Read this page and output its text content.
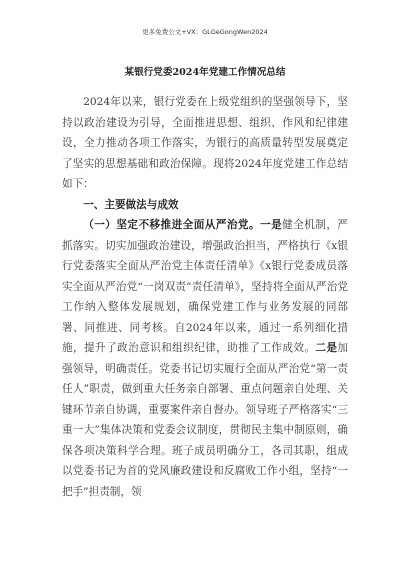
更多免费公文+VX：GLGeGongWen2024
某银行党委2024年党建工作情况总结

2024年以来，银行党委在上级党组织的坚强领导下，坚持以政治建设为引导，全面推进思想、组织、作风和纪律建设，全力推动各项工作落实，为银行的高质量转型发展奠定了坚实的思想基础和政治保障。现将2024年度党建工作总结如下：

一、主要做法与成效

（一）坚定不移推进全面从严治党。一是健全机制，严抓落实。切实加强政治建设，增强政治担当，严格执行《x银行党委落实全面从严治党主体责任清单》《x银行党委成员落实全面从严治党“一岗双责”责任清单》，坚持将全面从严治党工作纳入整体发展规划，确保党建工作与业务发展的同部署、同推进、同考核。自2024年以来，通过一系列细化措施，提升了政治意识和组织纪律，助推了工作成效。二是加强领导，明确责任。党委书记切实履行全面从严治党“第一责任人”职责，做到重大任务亲自部署、重点问题亲自处理、关键环节亲自协调，重要案件亲自督办。领导班子严格落实“三重一大”集体决策和党委会议制度，贯彻民主集中制原则，确保各项决策科学合理。班子成员明确分工，各司其职，组成以党委书记为首的党风廉政建设和反腐败工作小组，坚持“一把手”担责制，领
